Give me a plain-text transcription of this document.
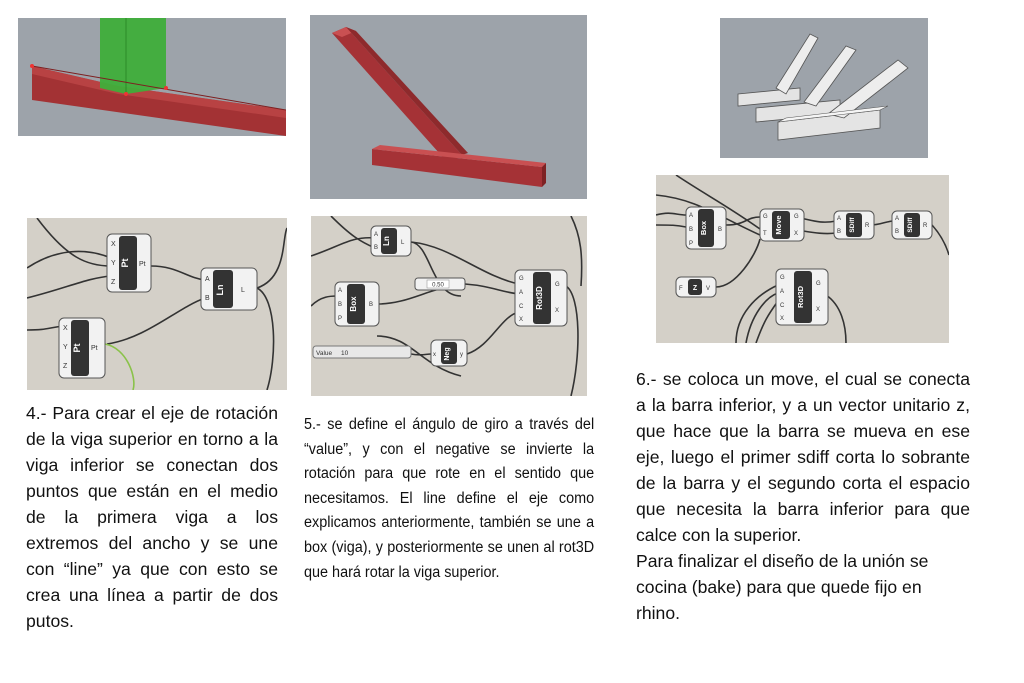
Pt
X
Y
Z
Pt
Ln
A
B
L
Pt
X
Y
Z
Pt
Ln
A
B
L
Box
A
B
P
B
0.50
Rot3D
G
A
C
X
G
X
Value 10	Neg
x	y
Box
A
B
P
B	Move
G
T
G
X
SDiff
A
B
R	SDiff
A
B
R
Z
F	V	Rot3D
G
A
C
X
G
X
4.- Para crear el eje de rotación de la viga superior en torno a la viga inferior se conectan dos puntos que están en el medio de la primera viga a los extremos del ancho y se une con “line” ya que con esto se crea una línea a partir de dos putos.
5.- se define el ángulo de giro a través del “value”, y con el negative se invierte la rotación para que rote en el sentido que necesitamos. El line define el eje como explicamos anteriormente, también se une a box (viga), y posteriormente se unen al rot3D que hará rotar la viga superior.
6.- se coloca un move, el cual se conecta a la barra inferior, y a un vector unitario z, que hace que la barra se mueva en ese eje, luego el primer sdiff corta lo sobrante de la barra y el segundo corta el espacio que necesita la barra inferior para que calce con la superior.
Para finalizar el diseño de la unión se cocina (bake) para que quede fijo en rhino.
